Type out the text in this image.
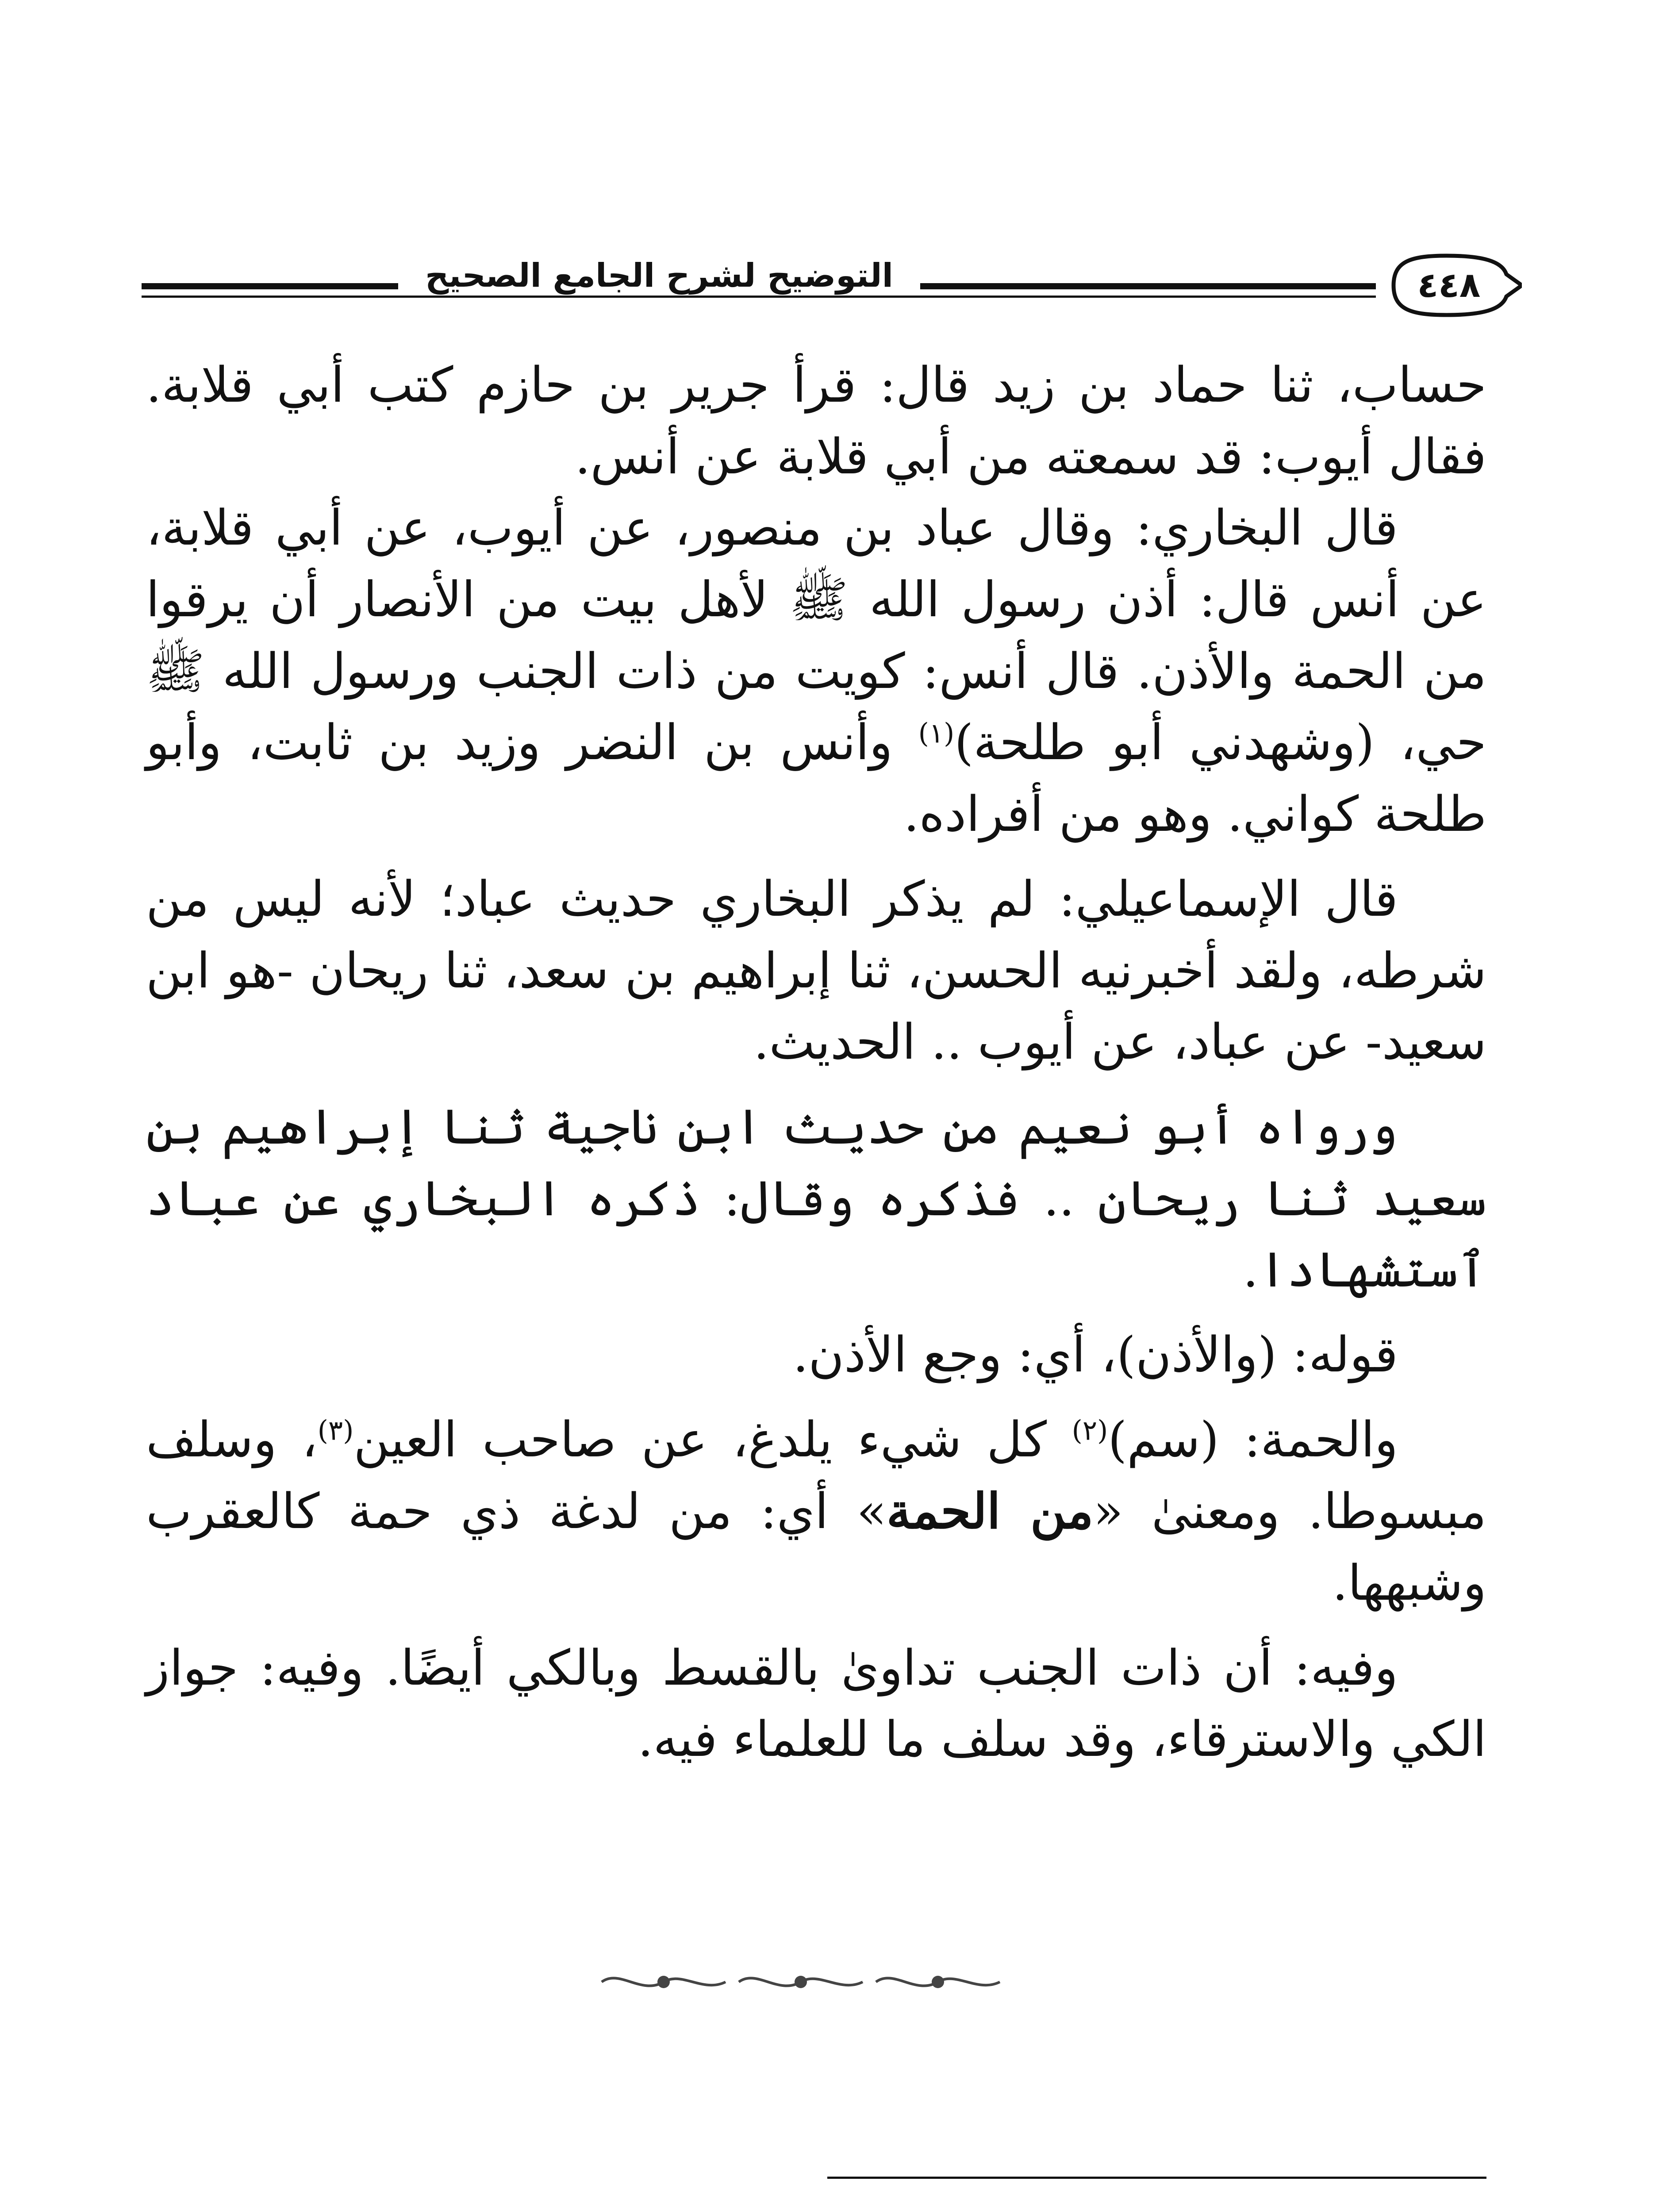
التوضيح لشرح الجامع الصحيح	٤٤٨

حساب، ثنا حماد بن زيد قال: قرأ جرير بن حازم كتب أبي قلابة. فقال أيوب: قد سمعته من أبي قلابة عن أنس.

قال البخاري: وقال عباد بن منصور، عن أيوب، عن أبي قلابة، عن أنس قال: أذن رسول الله ﷺ لأهل بيت من الأنصار أن يرقوا من الحمة والأذن. قال أنس: كويت من ذات الجنب ورسول الله ﷺ حي، (وشهدني أبو طلحة)$^{(١)}$ وأنس بن النضر وزيد بن ثابت، وأبو طلحة كواني. وهو من أفراده.

قال الإسماعيلي: لم يذكر البخاري حديث عباد؛ لأنه ليس من شرطه، ولقد أخبرنيه الحسن، ثنا إبراهيم بن سعد، ثنا ريحان -هو ابن سعيد- عن عباد، عن أيوب .. الحديث.

ورواه أبو نعيم من حديث ابن ناجية ثنا إبراهيم بن سعيد ثنا ريحان .. فذكره وقال: ذكره البخاري عن عباد ٱستشهادا.

قوله: (والأذن)، أي: وجع الأذن.

والحمة: (سم)$^{(٢)}$ كل شيء يلدغ، عن صاحب العين$^{(٣)}$، وسلف مبسوطا. ومعنىٰ «من الحمة» أي: من لدغة ذي حمة كالعقرب وشبهها.

وفيه: أن ذات الجنب تداوىٰ بالقسط وبالكي أيضًا. وفيه: جواز الكي والاسترقاء، وقد سلف ما للعلماء فيه.
